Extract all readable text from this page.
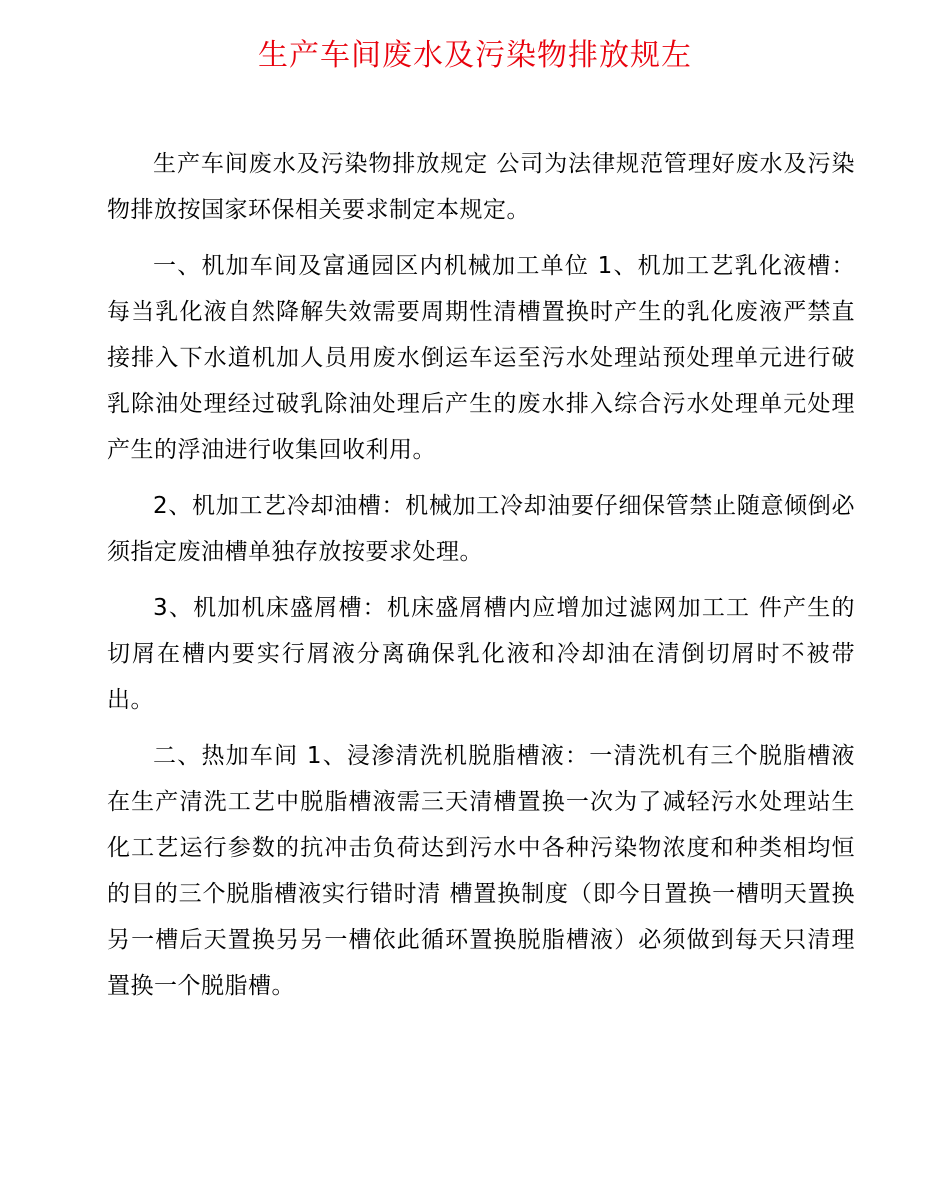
生产车间废水及污染物排放规左

生产车间废水及污染物排放规定 公司为法律规范管理好废水及污染物排放按国家环保相关要求制定本规定。

一、机加车间及富通园区内机械加工单位 1、机加工艺乳化液槽：每当乳化液自然降解失效需要周期性清槽置换时产生的乳化废液严禁直接排入下水道机加人员用废水倒运车运至污水处理站预处理单元进行破乳除油处理经过破乳除油处理后产生的废水排入综合污水处理单元处理产生的浮油进行收集回收利用。

2、机加工艺冷却油槽：机械加工冷却油要仔细保管禁止随意倾倒必须指定废油槽单独存放按要求处理。

3、机加机床盛屑槽：机床盛屑槽内应增加过滤网加工工 件产生的切屑在槽内要实行屑液分离确保乳化液和冷却油在清倒切屑时不被带出。

二、热加车间 1、浸渗清洗机脱脂槽液：一清洗机有三个脱脂槽液在生产清洗工艺中脱脂槽液需三天清槽置换一次为了减轻污水处理站生化工艺运行参数的抗冲击负荷达到污水中各种污染物浓度和种类相均恒的目的三个脱脂槽液实行错时清 槽置换制度（即今日置换一槽明天置换另一槽后天置换另另一槽依此循环置换脱脂槽液）必须做到每天只清理置换一个脱脂槽。
